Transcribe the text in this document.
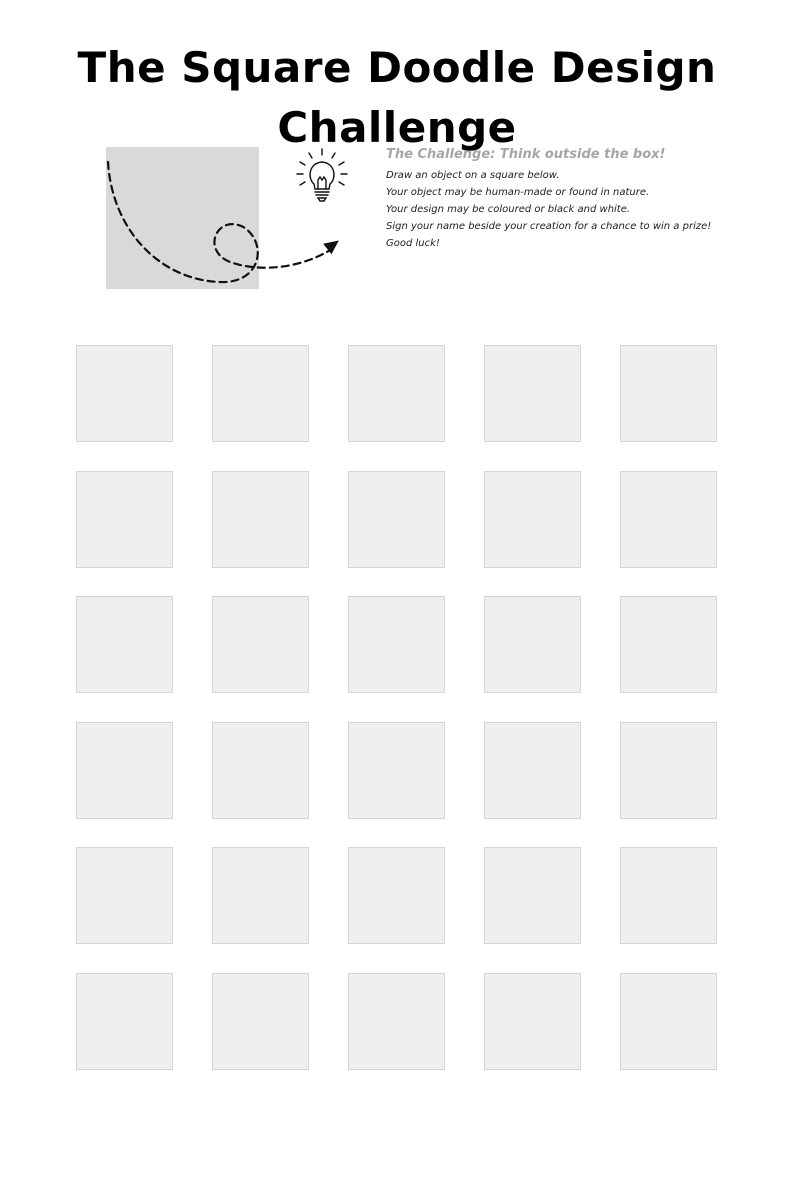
The Square Doodle Design Challenge

The Challenge: Think outside the box!

Draw an object on a square below.

Your object may be human-made or found in nature.

Your design may be coloured or black and white.

Sign your name beside your creation for a chance to win a prize!

Good luck!
